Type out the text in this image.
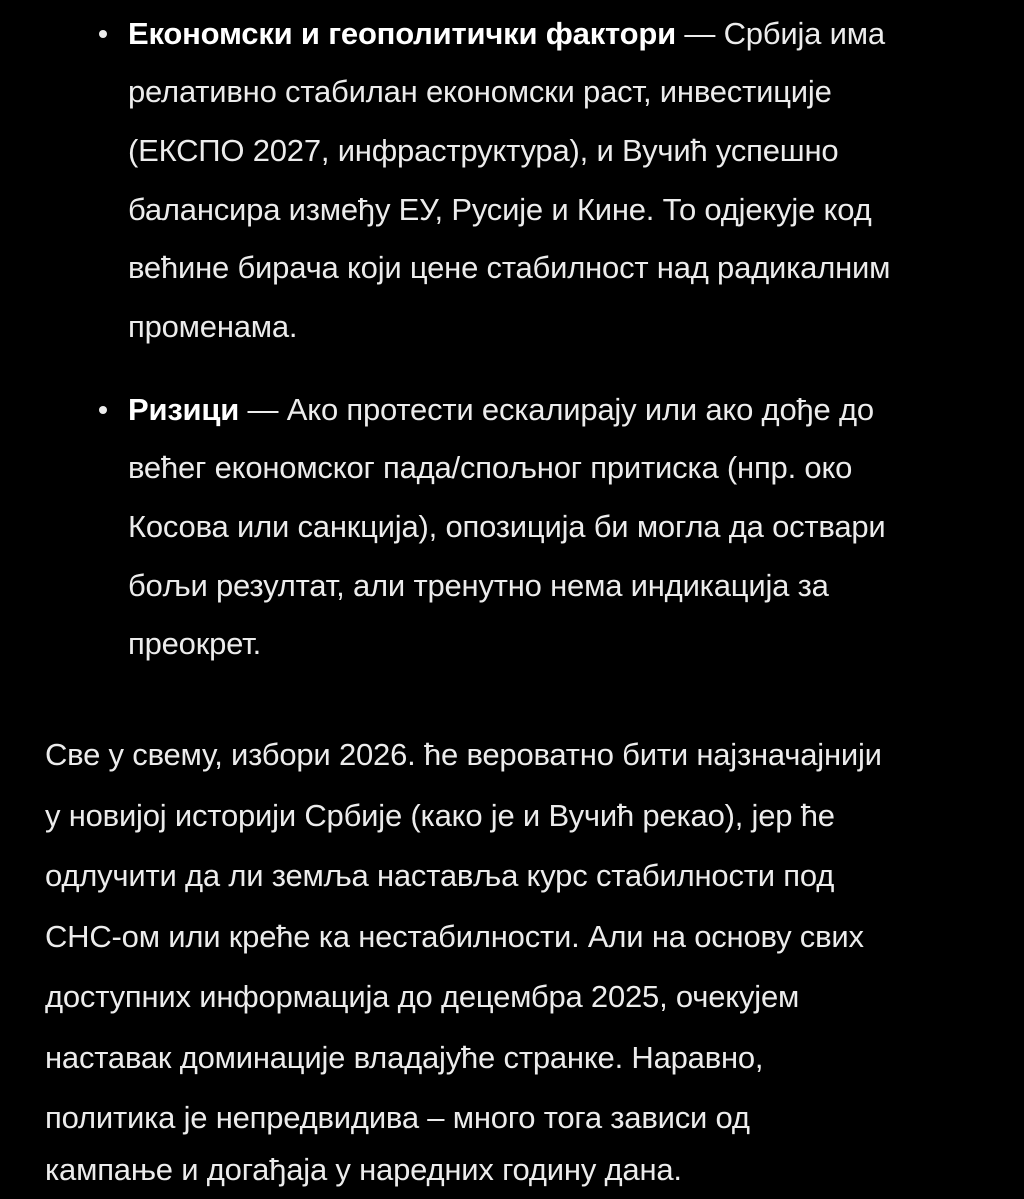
Економски и геополитички фактори — Србија има
релативно стабилан економски раст, инвестиције
(ЕКСПО 2027, инфраструктура), и Вучић успешно
балансира између ЕУ, Русије и Кине. То одјекује код
већине бирача који цене стабилност над радикалним
променама.
Ризици — Ако протести ескалирају или ако дође до
већег економског пада/спољног притиска (нпр. око
Косова или санкција), опозиција би могла да оствари
бољи резултат, али тренутно нема индикација за
преокрет.
Све у свему, избори 2026. ће вероватно бити најзначајнији
у новијој историји Србије (како је и Вучић рекао), јер ће
одлучити да ли земља наставља курс стабилности под
СНС-ом или креће ка нестабилности. Али на основу свих
доступних информација до децембра 2025, очекујем
наставак доминације владајуће странке. Наравно,
политика је непредвидива – много тога зависи од
кампање и догађаја у наредних годину дана.
